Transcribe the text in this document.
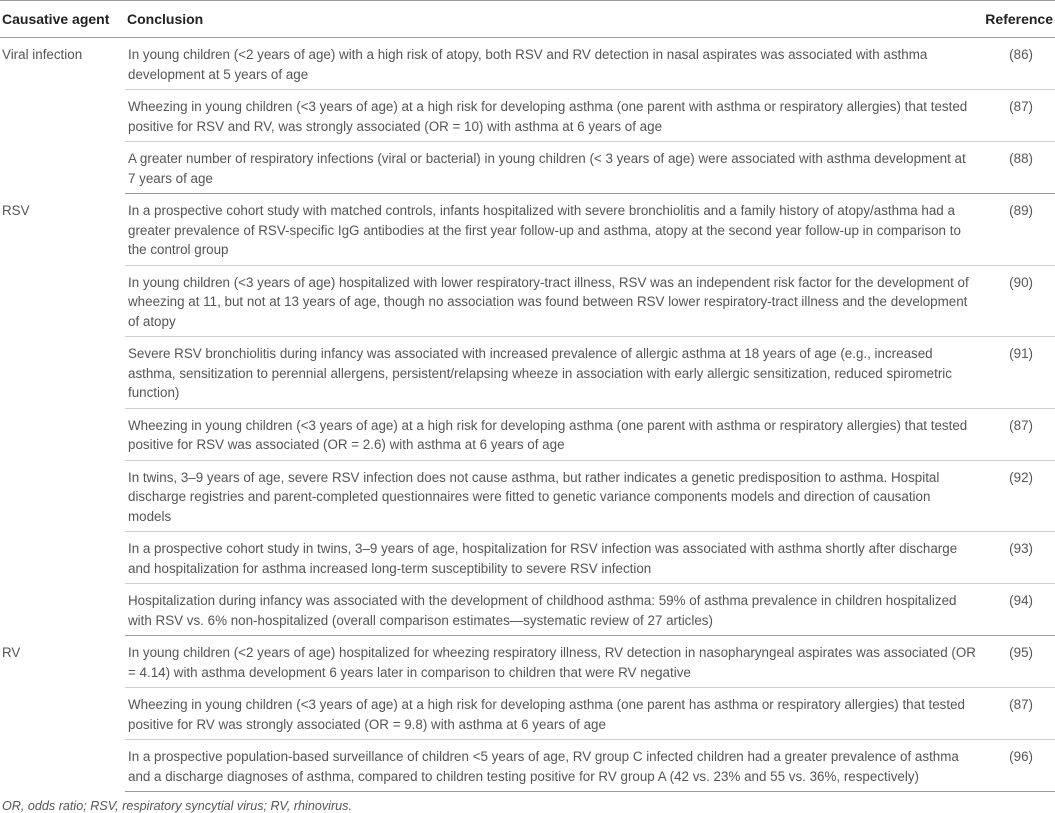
Causative agent	Conclusion	Reference
Viral infection	In young children (<2 years of age) with a high risk of atopy, both RSV and RV detection in nasal aspirates was associated with asthma development at 5 years of age	(86)
	Wheezing in young children (<3 years of age) at a high risk for developing asthma (one parent with asthma or respiratory allergies) that tested positive for RSV and RV, was strongly associated (OR = 10) with asthma at 6 years of age	(87)
	A greater number of respiratory infections (viral or bacterial) in young children (< 3 years of age) were associated with asthma development at 7 years of age	(88)
RSV	In a prospective cohort study with matched controls, infants hospitalized with severe bronchiolitis and a family history of atopy/asthma had a greater prevalence of RSV-specific IgG antibodies at the first year follow-up and asthma, atopy at the second year follow-up in comparison to the control group	(89)
	In young children (<3 years of age) hospitalized with lower respiratory-tract illness, RSV was an independent risk factor for the development of wheezing at 11, but not at 13 years of age, though no association was found between RSV lower respiratory-tract illness and the development of atopy	(90)
	Severe RSV bronchiolitis during infancy was associated with increased prevalence of allergic asthma at 18 years of age (e.g., increased asthma, sensitization to perennial allergens, persistent/relapsing wheeze in association with early allergic sensitization, reduced spirometric function)	(91)
	Wheezing in young children (<3 years of age) at a high risk for developing asthma (one parent with asthma or respiratory allergies) that tested positive for RSV was associated (OR = 2.6) with asthma at 6 years of age	(87)
	In twins, 3–9 years of age, severe RSV infection does not cause asthma, but rather indicates a genetic predisposition to asthma. Hospital discharge registries and parent-completed questionnaires were fitted to genetic variance components models and direction of causation models	(92)
	In a prospective cohort study in twins, 3–9 years of age, hospitalization for RSV infection was associated with asthma shortly after discharge and hospitalization for asthma increased long-term susceptibility to severe RSV infection	(93)
	Hospitalization during infancy was associated with the development of childhood asthma: 59% of asthma prevalence in children hospitalized with RSV vs. 6% non-hospitalized (overall comparison estimates—systematic review of 27 articles)	(94)
RV	In young children (<2 years of age) hospitalized for wheezing respiratory illness, RV detection in nasopharyngeal aspirates was associated (OR = 4.14) with asthma development 6 years later in comparison to children that were RV negative	(95)
	Wheezing in young children (<3 years of age) at a high risk for developing asthma (one parent has asthma or respiratory allergies) that tested positive for RV was strongly associated (OR = 9.8) with asthma at 6 years of age	(87)
	In a prospective population-based surveillance of children <5 years of age, RV group C infected children had a greater prevalence of asthma and a discharge diagnoses of asthma, compared to children testing positive for RV group A (42 vs. 23% and 55 vs. 36%, respectively)	(96)
OR, odds ratio; RSV, respiratory syncytial virus; RV, rhinovirus.
